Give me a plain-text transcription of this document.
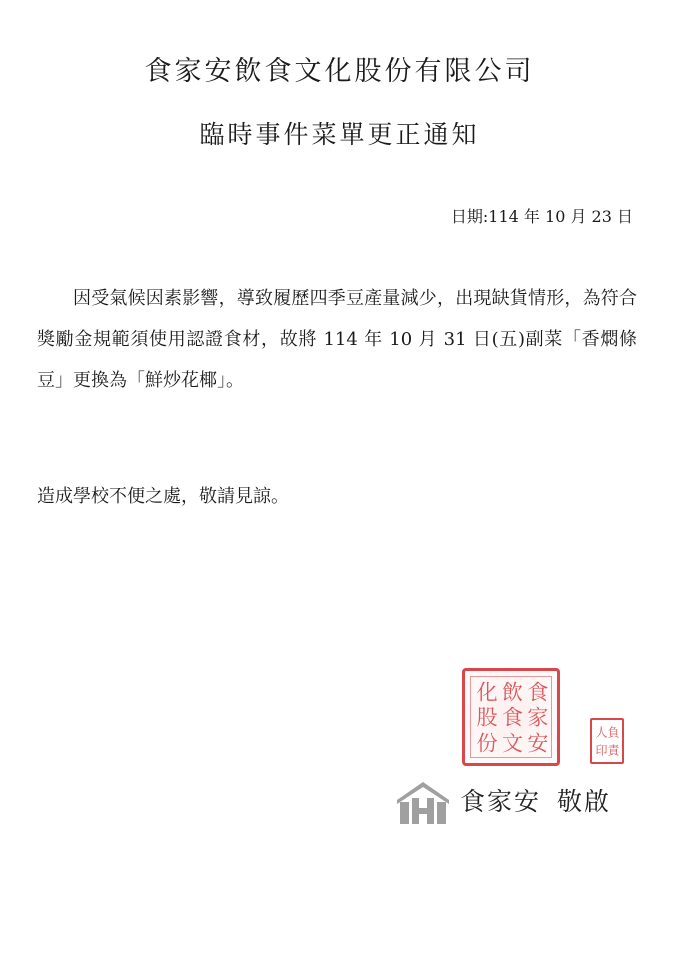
食家安飲食文化股份有限公司
臨時事件菜單更正通知
日期:114 年 10 月 23 日
因受氣候因素影響，導致履歷四季豆產量減少，出現缺貨情形，為符合獎勵金規範須使用認證食材，故將 114 年 10 月 31 日(五)副菜「香燜條豆」更換為「鮮炒花椰」。
造成學校不便之處，敬請見諒。
食
家
安
飲
食
文
化
股
份	負
責
人
印
食家安 敬啟
